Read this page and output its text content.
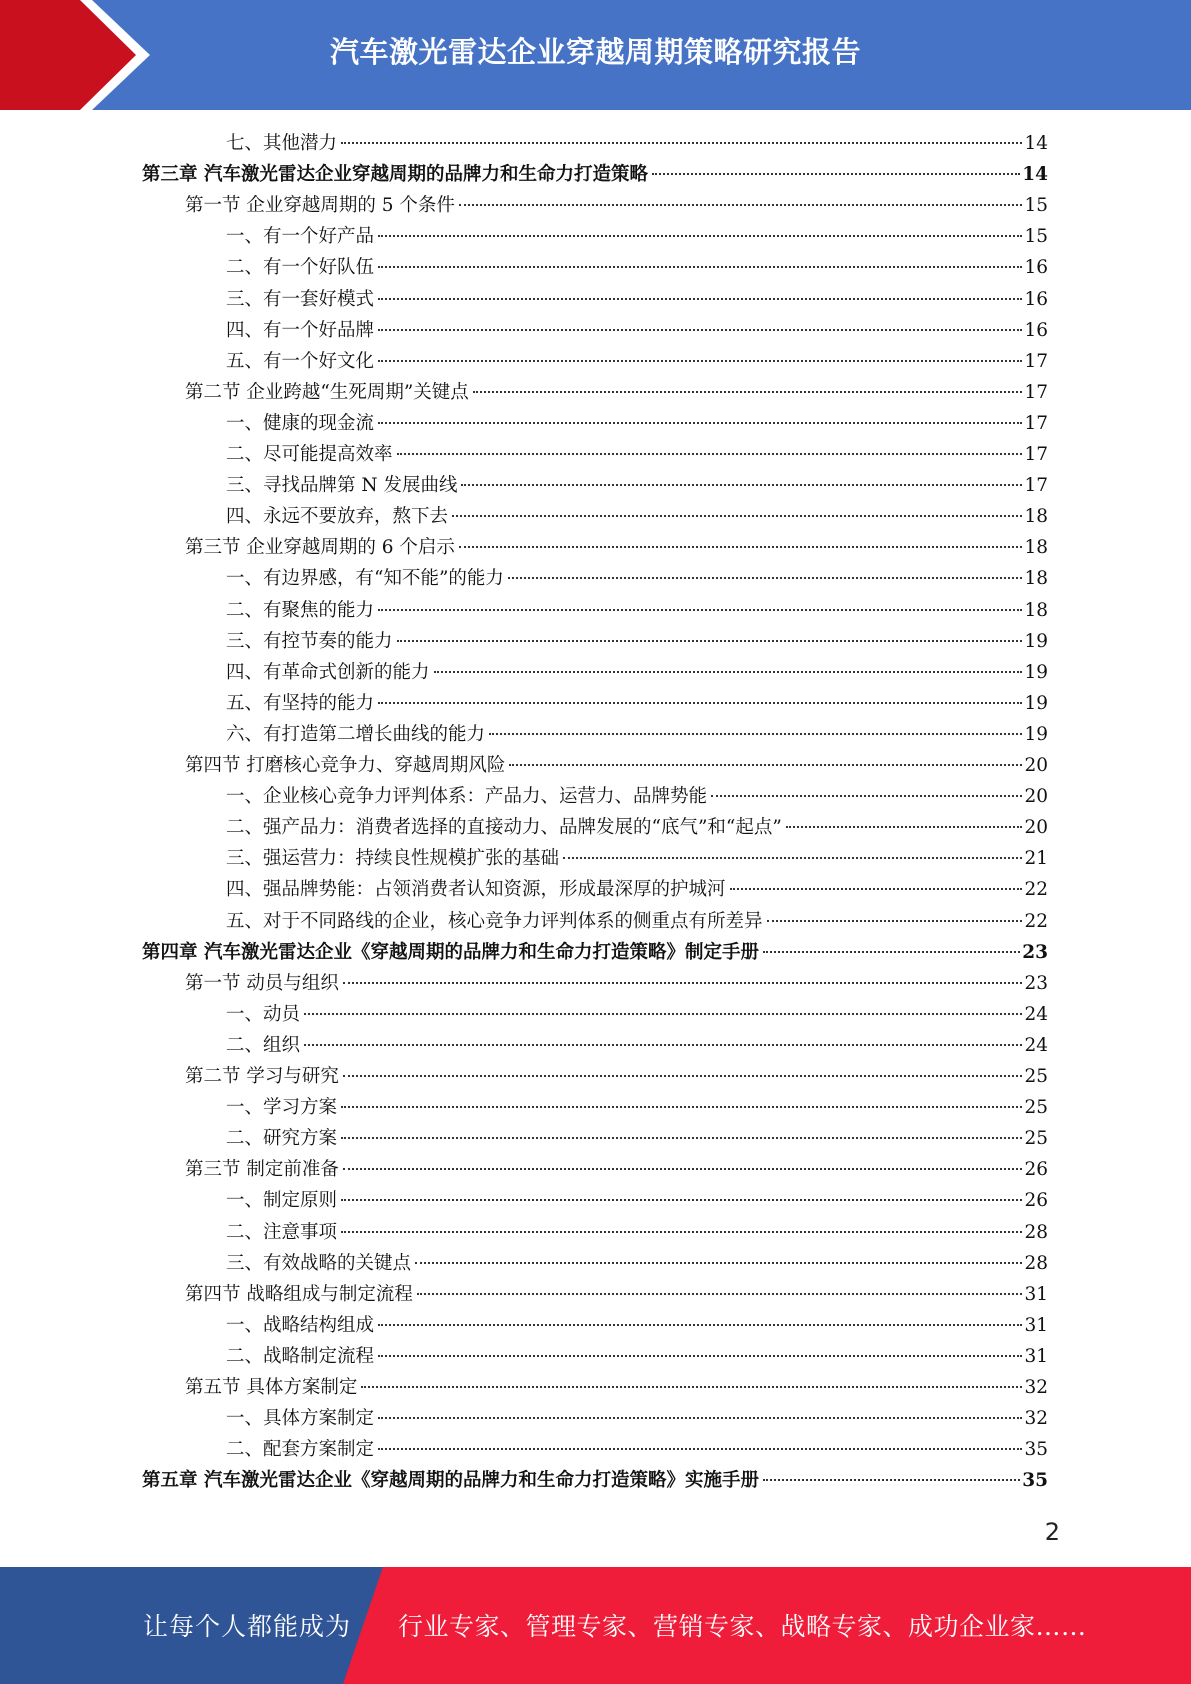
汽车激光雷达企业穿越周期策略研究报告
七、其他潜力	14
第三章 汽车激光雷达企业穿越周期的品牌力和生命力打造策略	14
第一节 企业穿越周期的 5 个条件	15
一、有一个好产品	15
二、有一个好队伍	16
三、有一套好模式	16
四、有一个好品牌	16
五、有一个好文化	17
第二节 企业跨越“生死周期”关键点	17
一、健康的现金流	17
二、尽可能提高效率	17
三、寻找品牌第 N 发展曲线	17
四、永远不要放弃，熬下去	18
第三节 企业穿越周期的 6 个启示	18
一、有边界感，有“知不能”的能力	18
二、有聚焦的能力	18
三、有控节奏的能力	19
四、有革命式创新的能力	19
五、有坚持的能力	19
六、有打造第二增长曲线的能力	19
第四节 打磨核心竞争力、穿越周期风险	20
一、企业核心竞争力评判体系：产品力、运营力、品牌势能	20
二、强产品力：消费者选择的直接动力、品牌发展的“底气”和“起点”	20
三、强运营力：持续良性规模扩张的基础	21
四、强品牌势能：占领消费者认知资源，形成最深厚的护城河	22
五、对于不同路线的企业，核心竞争力评判体系的侧重点有所差异	22
第四章 汽车激光雷达企业《穿越周期的品牌力和生命力打造策略》制定手册	23
第一节 动员与组织	23
一、动员	24
二、组织	24
第二节 学习与研究	25
一、学习方案	25
二、研究方案	25
第三节 制定前准备	26
一、制定原则	26
二、注意事项	28
三、有效战略的关键点	28
第四节 战略组成与制定流程	31
一、战略结构组成	31
二、战略制定流程	31
第五节 具体方案制定	32
一、具体方案制定	32
二、配套方案制定	35
第五章 汽车激光雷达企业《穿越周期的品牌力和生命力打造策略》实施手册	35
2
让每个人都能成为 行业专家、管理专家、营销专家、战略专家、成功企业家……
